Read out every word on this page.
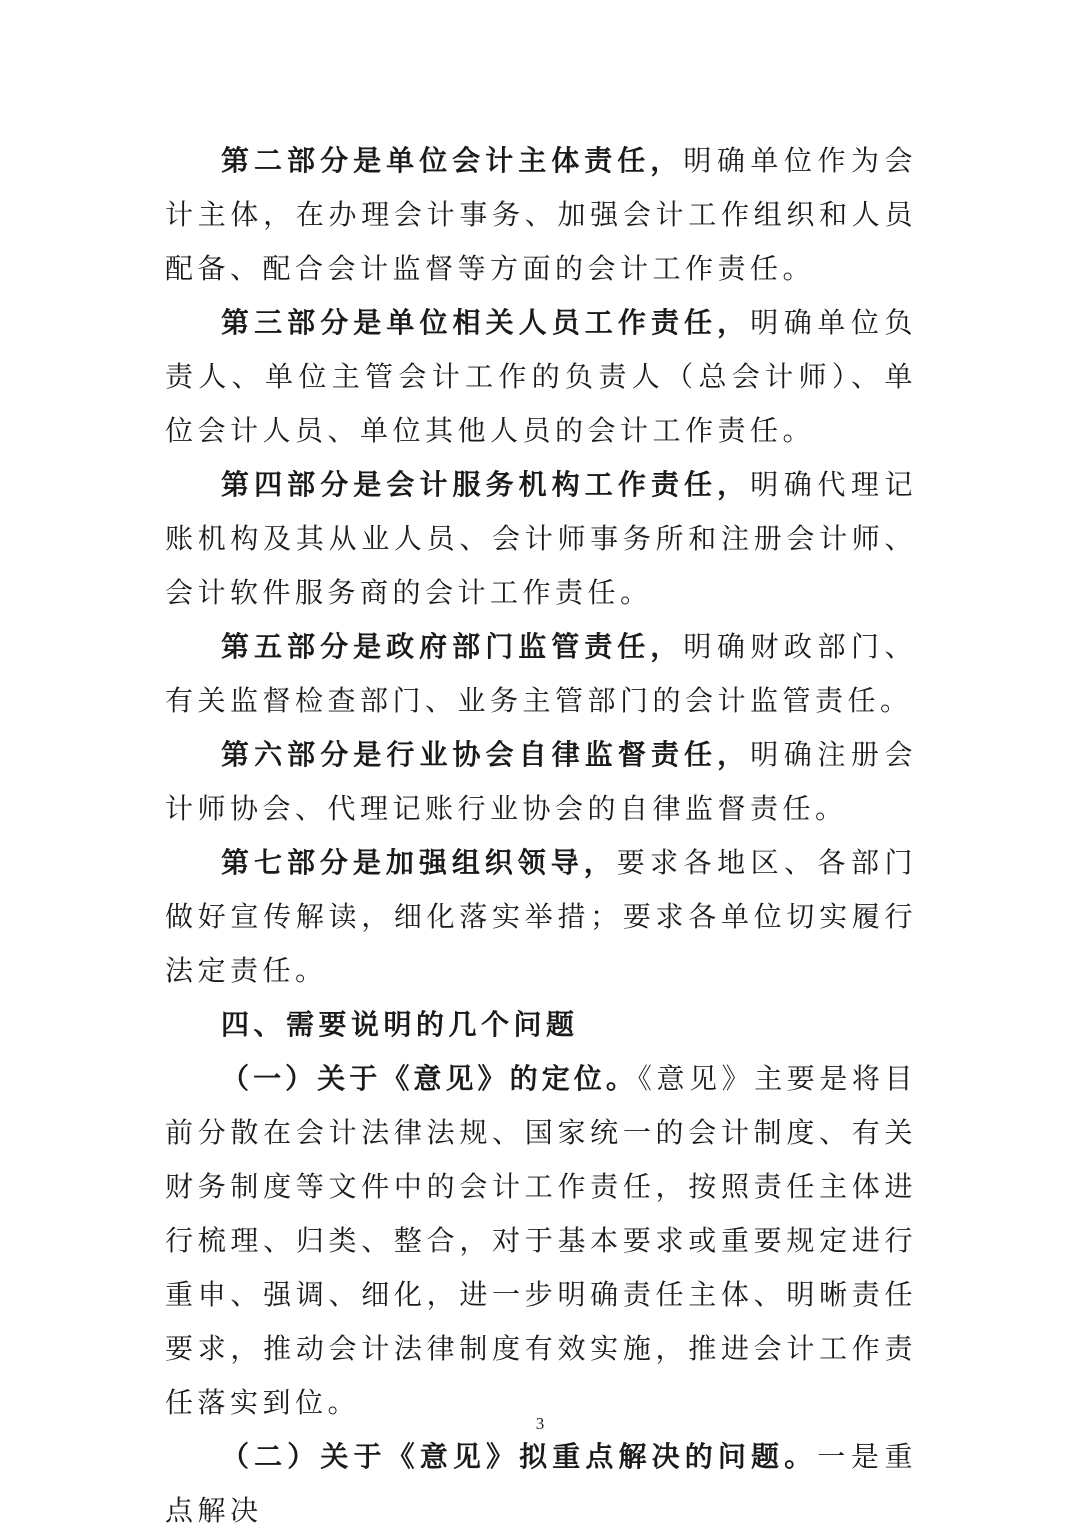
第二部分是单位会计主体责任，明确单位作为会计主体，在办理会计事务、加强会计工作组织和人员配备、配合会计监督等方面的会计工作责任。

第三部分是单位相关人员工作责任，明确单位负责人、单位主管会计工作的负责人（总会计师）、单位会计人员、单位其他人员的会计工作责任。

第四部分是会计服务机构工作责任，明确代理记账机构及其从业人员、会计师事务所和注册会计师、会计软件服务商的会计工作责任。

第五部分是政府部门监管责任，明确财政部门、有关监督检查部门、业务主管部门的会计监管责任。

第六部分是行业协会自律监督责任，明确注册会计师协会、代理记账行业协会的自律监督责任。

第七部分是加强组织领导，要求各地区、各部门做好宣传解读，细化落实举措；要求各单位切实履行法定责任。

四、需要说明的几个问题

（一）关于《意见》的定位。《意见》主要是将目前分散在会计法律法规、国家统一的会计制度、有关财务制度等文件中的会计工作责任，按照责任主体进行梳理、归类、整合，对于基本要求或重要规定进行重申、强调、细化，进一步明确责任主体、明晰责任要求，推动会计法律制度有效实施，推进会计工作责任落实到位。

（二）关于《意见》拟重点解决的问题。一是重点解决

3
